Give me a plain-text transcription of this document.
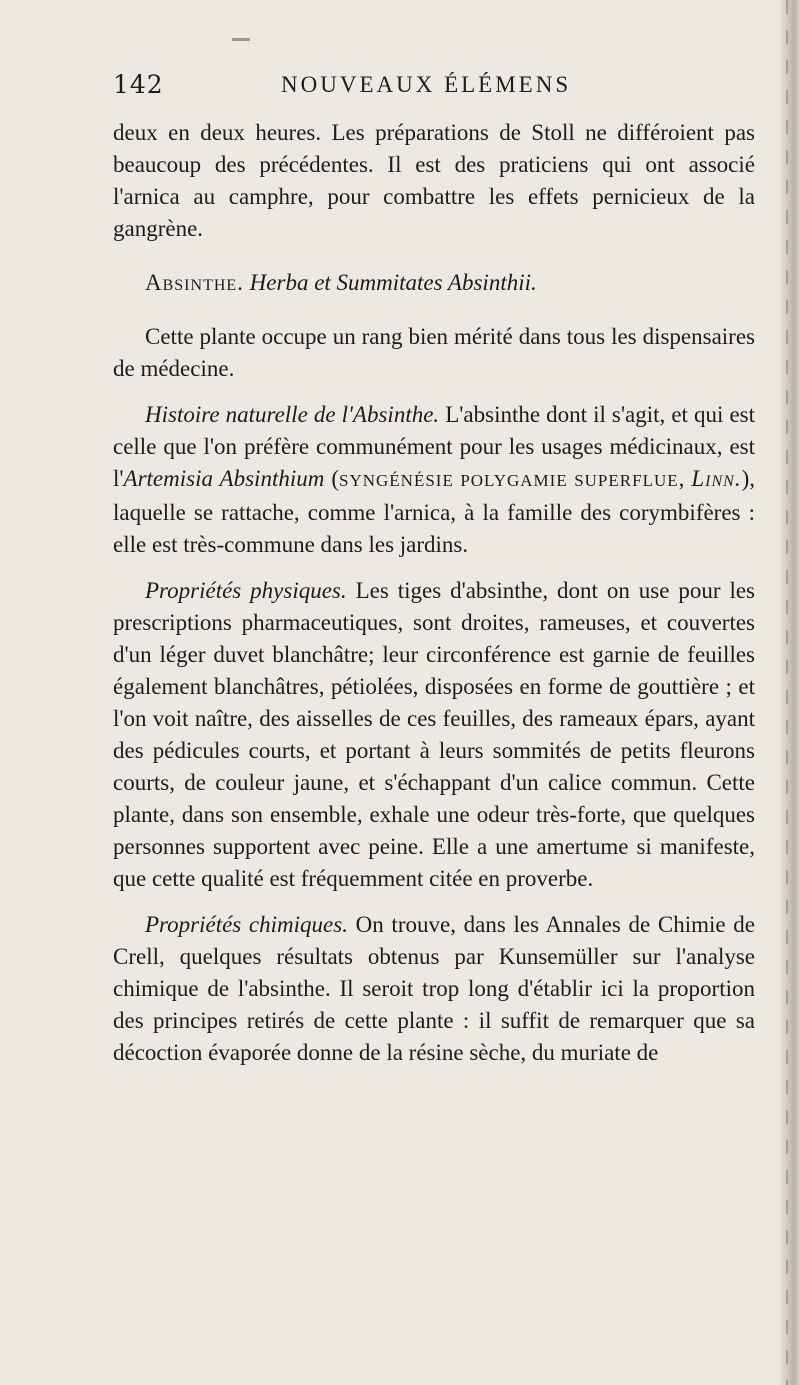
142	NOUVEAUX ÉLÉMENS

deux en deux heures. Les préparations de Stoll ne différoient pas beaucoup des précédentes. Il est des praticiens qui ont associé l'arnica au camphre, pour combattre les effets pernicieux de la gangrène.

Absinthe. Herba et Summitates Absinthii.

Cette plante occupe un rang bien mérité dans tous les dispensaires de médecine.

Histoire naturelle de l'Absinthe. L'absinthe dont il s'agit, et qui est celle que l'on préfère communément pour les usages médicinaux, est l'Artemisia Absinthium (SYNGÉNÉSIE POLYGAMIE SUPERFLUE, Linn.), laquelle se rattache, comme l'arnica, à la famille des corymbifères : elle est très-commune dans les jardins.

Propriétés physiques. Les tiges d'absinthe, dont on use pour les prescriptions pharmaceutiques, sont droites, rameuses, et couvertes d'un léger duvet blanchâtre; leur circonférence est garnie de feuilles également blanchâtres, pétiolées, disposées en forme de gouttière ; et l'on voit naître, des aisselles de ces feuilles, des rameaux épars, ayant des pédicules courts, et portant à leurs sommités de petits fleurons courts, de couleur jaune, et s'échappant d'un calice commun. Cette plante, dans son ensemble, exhale une odeur très-forte, que quelques personnes supportent avec peine. Elle a une amertume si manifeste, que cette qualité est fréquemment citée en proverbe.

Propriétés chimiques. On trouve, dans les Annales de Chimie de Crell, quelques résultats obtenus par Kunsemüller sur l'analyse chimique de l'absinthe. Il seroit trop long d'établir ici la proportion des principes retirés de cette plante : il suffit de remarquer que sa décoction évaporée donne de la résine sèche, du muriate de
